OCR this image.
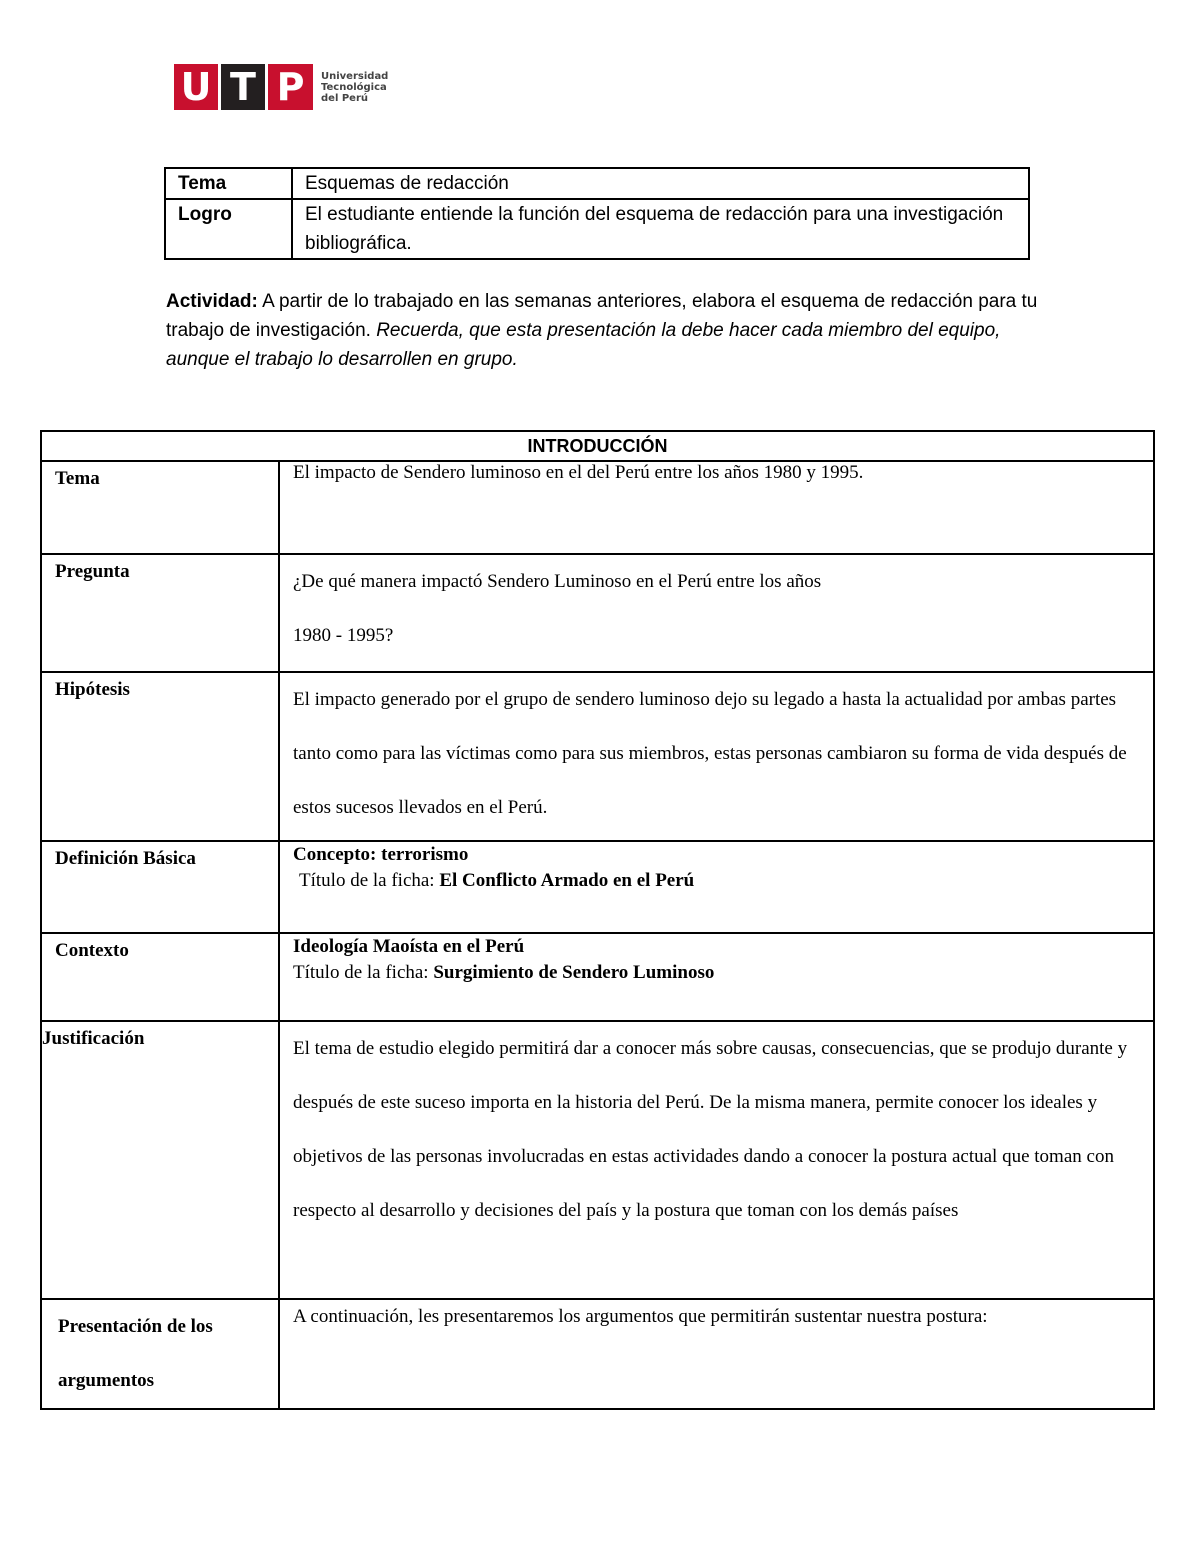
U T P	Universidad
Tecnológica
del Perú
Tema	Esquemas de redacción
Logro	El estudiante entiende la función del esquema de redacción para una investigación bibliográfica.
Actividad: A partir de lo trabajado en las semanas anteriores, elabora el esquema de redacción para tu trabajo de investigación. Recuerda, que esta presentación la debe hacer cada miembro del equipo, aunque el trabajo lo desarrollen en grupo.
INTRODUCCIÓN	
Tema	El impacto de Sendero luminoso en el del Perú entre los años 1980 y 1995.
Pregunta	¿De qué manera impactó Sendero Luminoso en el Perú entre los años

1980 - 1995?

Hipótesis	El impacto generado por el grupo de sendero luminoso dejo su legado a hasta la actualidad por ambas partes tanto como para las víctimas como para sus miembros, estas personas cambiaron su forma de vida después de estos sucesos llevados en el Perú.
Definición Básica	Concepto: terrorismo

Título de la ficha: El Conflicto Armado en el Perú

Contexto	Ideología Maoísta en el Perú

Título de la ficha: Surgimiento de Sendero Luminoso

Justificación	El tema de estudio elegido permitirá dar a conocer más sobre causas, consecuencias, que se produjo durante y después de este suceso importa en la historia del Perú. De la misma manera, permite conocer los ideales y objetivos de las personas involucradas en estas actividades dando a conocer la postura actual que toman con respecto al desarrollo y decisiones del país y la postura que toman con los demás países
Presentación de los argumentos	A continuación, les presentaremos los argumentos que permitirán sustentar nuestra postura:
